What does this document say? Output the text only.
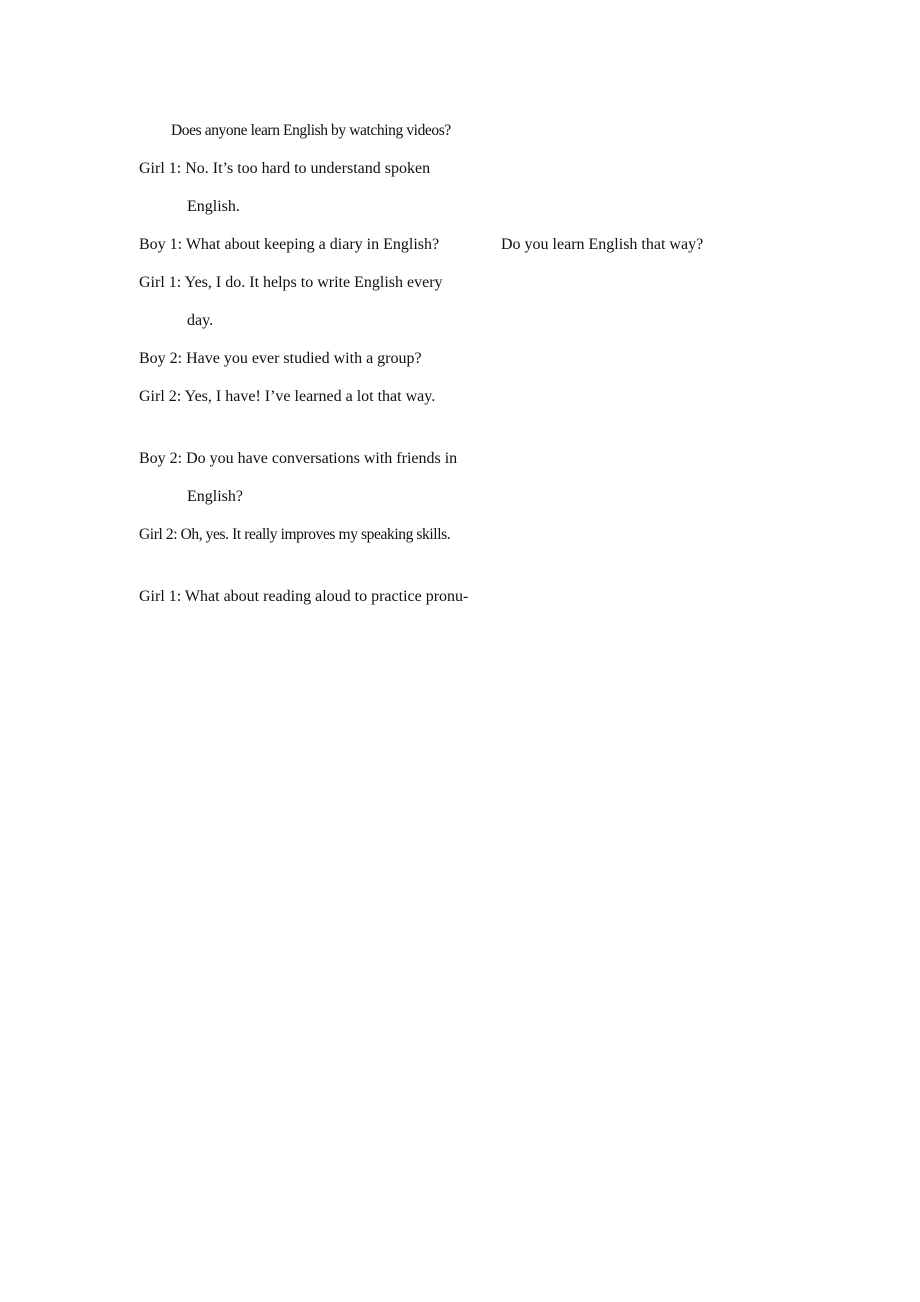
Does anyone learn English by watching videos?
Girl 1: No. It’s too hard to understand spoken
English.
Boy 1: What about keeping a diary in English?	Do you learn English that way?
Girl 1: Yes, I do. It helps to write English every
day.
Boy 2: Have you ever studied with a group?
Girl 2: Yes, I have! I’ve learned a lot that way.
Boy 2: Do you have conversations with friends in
English?
Girl 2: Oh, yes. It really improves my speaking skills.
Girl 1: What about reading aloud to practice pronu-
